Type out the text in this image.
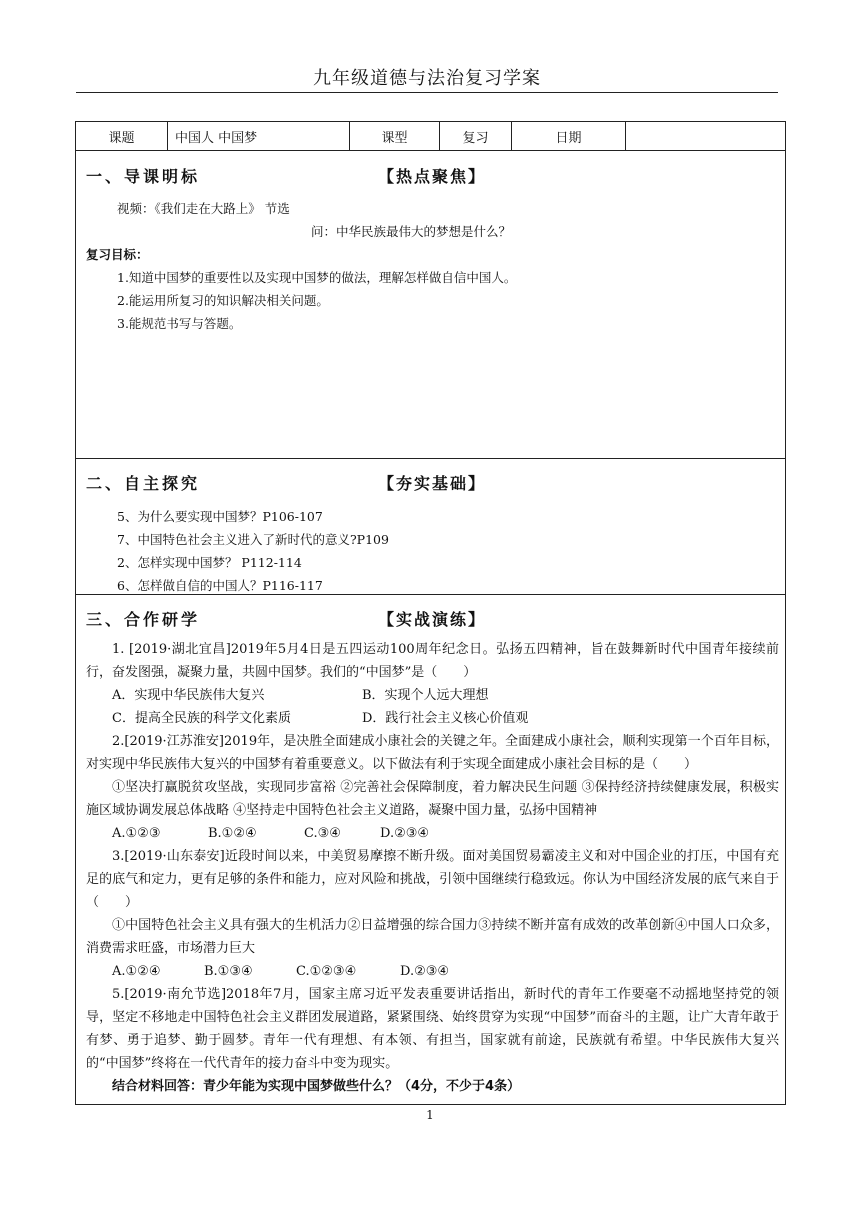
九年级道德与法治复习学案
课题	中国人 中国梦	课型	复习	日期
一、导课明标	【热点聚焦】
视频：《我们走在大路上》 节选
问：中华民族最伟大的梦想是什么？
复习目标：
1.知道中国梦的重要性以及实现中国梦的做法，理解怎样做自信中国人。
2.能运用所复习的知识解决相关问题。
3.能规范书写与答题。
二、自主探究	【夯实基础】
5、为什么要实现中国梦？P106-107
7、中国特色社会主义进入了新时代的意义?P109
2、怎样实现中国梦？ P112-114
6、怎样做自信的中国人？P116-117
三、合作研学	【实战演练】

1. [2019·湖北宜昌]2019年5月4日是五四运动100周年纪念日。弘扬五四精神，旨在鼓舞新时代中国青年接续前行，奋发图强，凝聚力量，共圆中国梦。我们的“中国梦”是（　　）

A．实现中华民族伟大复兴	B．实现个人远大理想
C．提高全民族的科学文化素质	D．践行社会主义核心价值观

2.[2019·江苏淮安]2019年，是决胜全面建成小康社会的关键之年。全面建成小康社会，顺利实现第一个百年目标，对实现中华民族伟大复兴的中国梦有着重要意义。以下做法有利于实现全面建成小康社会目标的是（　　）

①坚决打赢脱贫攻坚战，实现同步富裕 ②完善社会保障制度，着力解决民生问题 ③保持经济持续健康发展，积极实施区域协调发展总体战略 ④坚持走中国特色社会主义道路，凝聚中国力量，弘扬中国精神

A.①②③	B.①②④	C.③④	D.②③④

3.[2019·山东泰安]近段时间以来，中美贸易摩擦不断升级。面对美国贸易霸凌主义和对中国企业的打压，中国有充足的底气和定力，更有足够的条件和能力，应对风险和挑战，引领中国继续行稳致远。你认为中国经济发展的底气来自于（　　）

①中国特色社会主义具有强大的生机活力②日益增强的综合国力③持续不断并富有成效的改革创新④中国人口众多，消费需求旺盛，市场潜力巨大

A.①②④	B.①③④	C.①②③④	D.②③④

5.[2019·南允节选]2018年7月，国家主席习近平发表重要讲话指出，新时代的青年工作要毫不动摇地坚持党的领导，坚定不移地走中国特色社会主义群团发展道路，紧紧围绕、始终贯穿为实现“中国梦”而奋斗的主题，让广大青年敢于有梦、勇于追梦、勤于圆梦。青年一代有理想、有本领、有担当，国家就有前途，民族就有希望。中华民族伟大复兴的“中国梦”终将在一代代青年的接力奋斗中变为现实。

结合材料回答：青少年能为实现中国梦做些什么？（4分，不少于4条）

1
